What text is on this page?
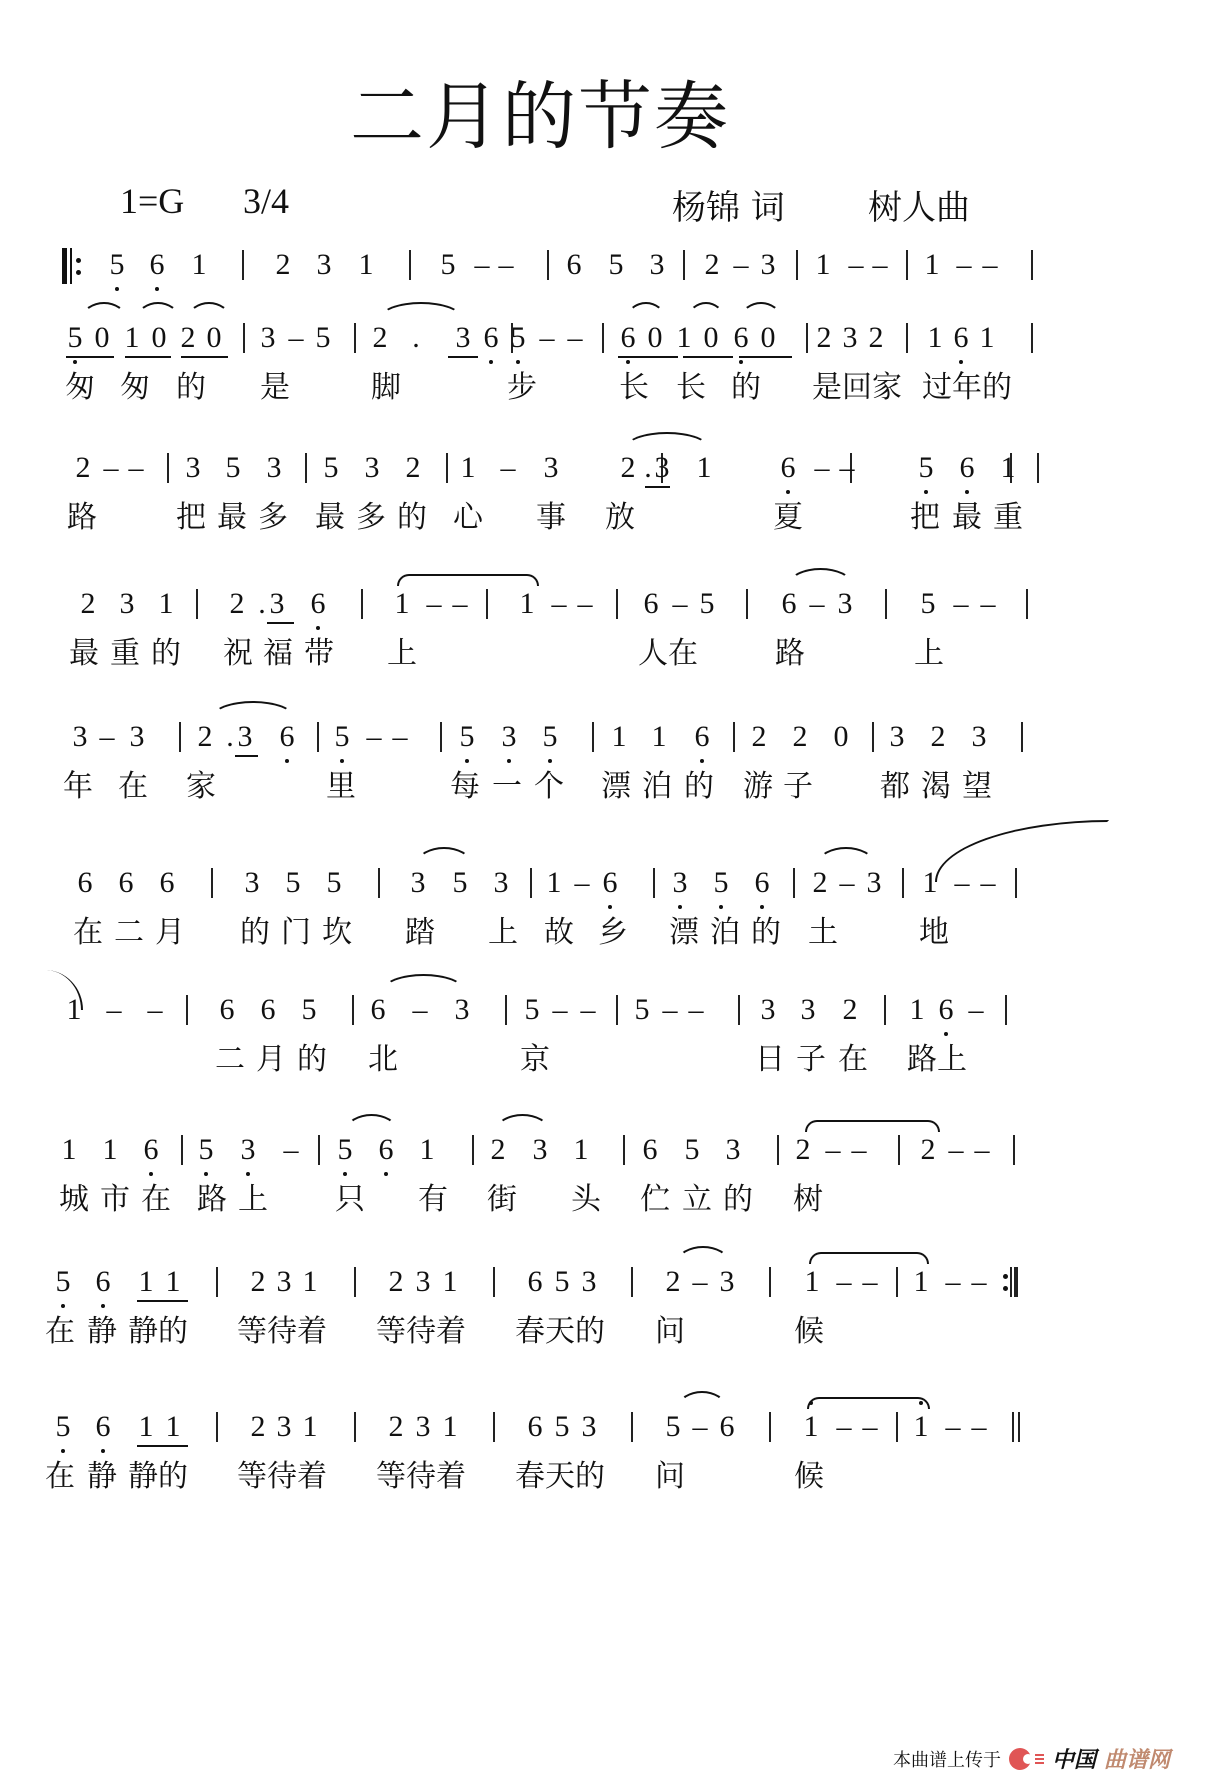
二月的节奏
1=G 3/4	杨锦 词 树人曲
5 6 1 2 3 1 5 – – 6 5 3 2 – 3 1 – – 1 – –
5 0 1 0 2 0 3 – 5 2 . 3 6 5 – – 6 0 1 0 6 0 2 3 2 1 6 1
匆 匆 的 是	脚	步	长 长 的 是回家 过年的
2 – – 3 5 3 5 3 2 1 – 3 2 . 3 1 6 – – 5 6 1
路	把 最 多 最 多 的 心 事 放	夏	把 最 重
2 3 1 2 . 3 6 1 – – 1 – – 6 – 5 6 – 3 5 – –
最 重 的 祝 福 带 上	人在	路	上
3 – 3 2 . 3 6 5 – – 5 3 5 1 1 6 2 2 0 3 2 3
年 在 家	里	每 一 个 漂 泊 的 游 子 都 渴 望
6 6 6 3 5 5 3 5 3 1 – 6 3 5 6 2 – 3 1 – –
在 二 月 的 门 坎 踏 上 故 乡 漂 泊 的 土	地
1 – – 6 6 5 6 – 3 5 – – 5 – – 3 3 2 1 6 –
二 月 的 北	京	日 子 在 路上
1 1 6 5 3 – 5 6 1 2 3 1 6 5 3 2 – – 2 – –
城 市 在 路 上 只 有 街 头 伫 立 的 树
5 6 1 1 2 3 1 2 3 1 6 5 3 2 – 3 1 – – 1 – –
在 静 静的 等待着 等待着 春天的 问	候
5 6 1 1 2 3 1 2 3 1 6 5 3 5 – 6 1 – – 1 – –
在 静 静的 等待着 等待着 春天的 问	候
本曲谱上传于 中国 曲谱网
